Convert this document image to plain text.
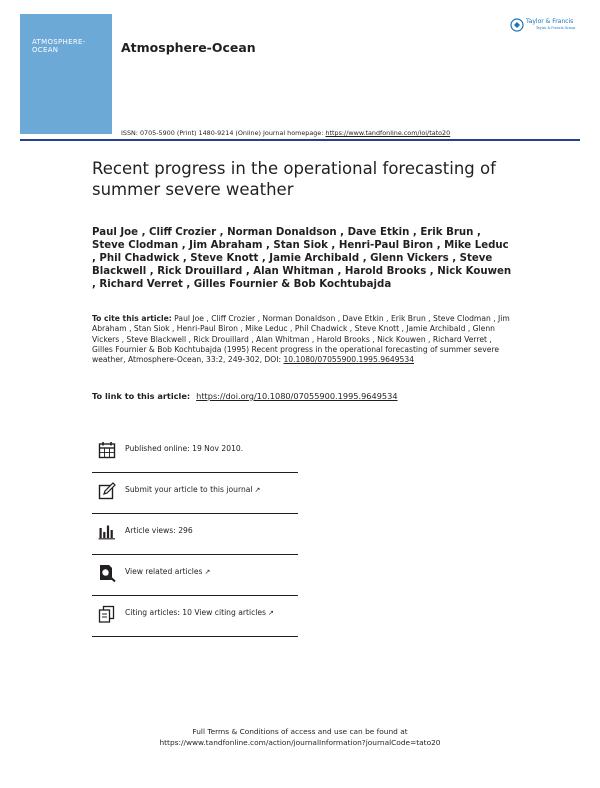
ATMOSPHERE-OCEAN	Atmosphere-Ocean
Taylor & Francis
Taylor & Francis Group
ISSN: 0705-5900 (Print) 1480-9214 (Online) Journal homepage: https://www.tandfonline.com/loi/tato20
Recent progress in the operational forecasting of summer severe weather

Paul Joe , Cliff Crozier , Norman Donaldson , Dave Etkin , Erik Brun , Steve Clodman , Jim Abraham , Stan Siok , Henri-Paul Biron , Mike Leduc , Phil Chadwick , Steve Knott , Jamie Archibald , Glenn Vickers , Steve Blackwell , Rick Drouillard , Alan Whitman , Harold Brooks , Nick Kouwen , Richard Verret , Gilles Fournier & Bob Kochtubajda

To cite this article: Paul Joe , Cliff Crozier , Norman Donaldson , Dave Etkin , Erik Brun , Steve Clodman , Jim Abraham , Stan Siok , Henri-Paul Biron , Mike Leduc , Phil Chadwick , Steve Knott , Jamie Archibald , Glenn Vickers , Steve Blackwell , Rick Drouillard , Alan Whitman , Harold Brooks , Nick Kouwen , Richard Verret , Gilles Fournier & Bob Kochtubajda (1995) Recent progress in the operational forecasting of summer severe weather, Atmosphere-Ocean, 33:2, 249-302, DOI: 10.1080/07055900.1995.9649534

To link to this article: https://doi.org/10.1080/07055900.1995.9649534
Published online: 19 Nov 2010.
Submit your article to this journal ↗
Article views: 296
View related articles ↗
Citing articles: 10 View citing articles ↗
Full Terms & Conditions of access and use can be found at
https://www.tandfonline.com/action/journalInformation?journalCode=tato20
